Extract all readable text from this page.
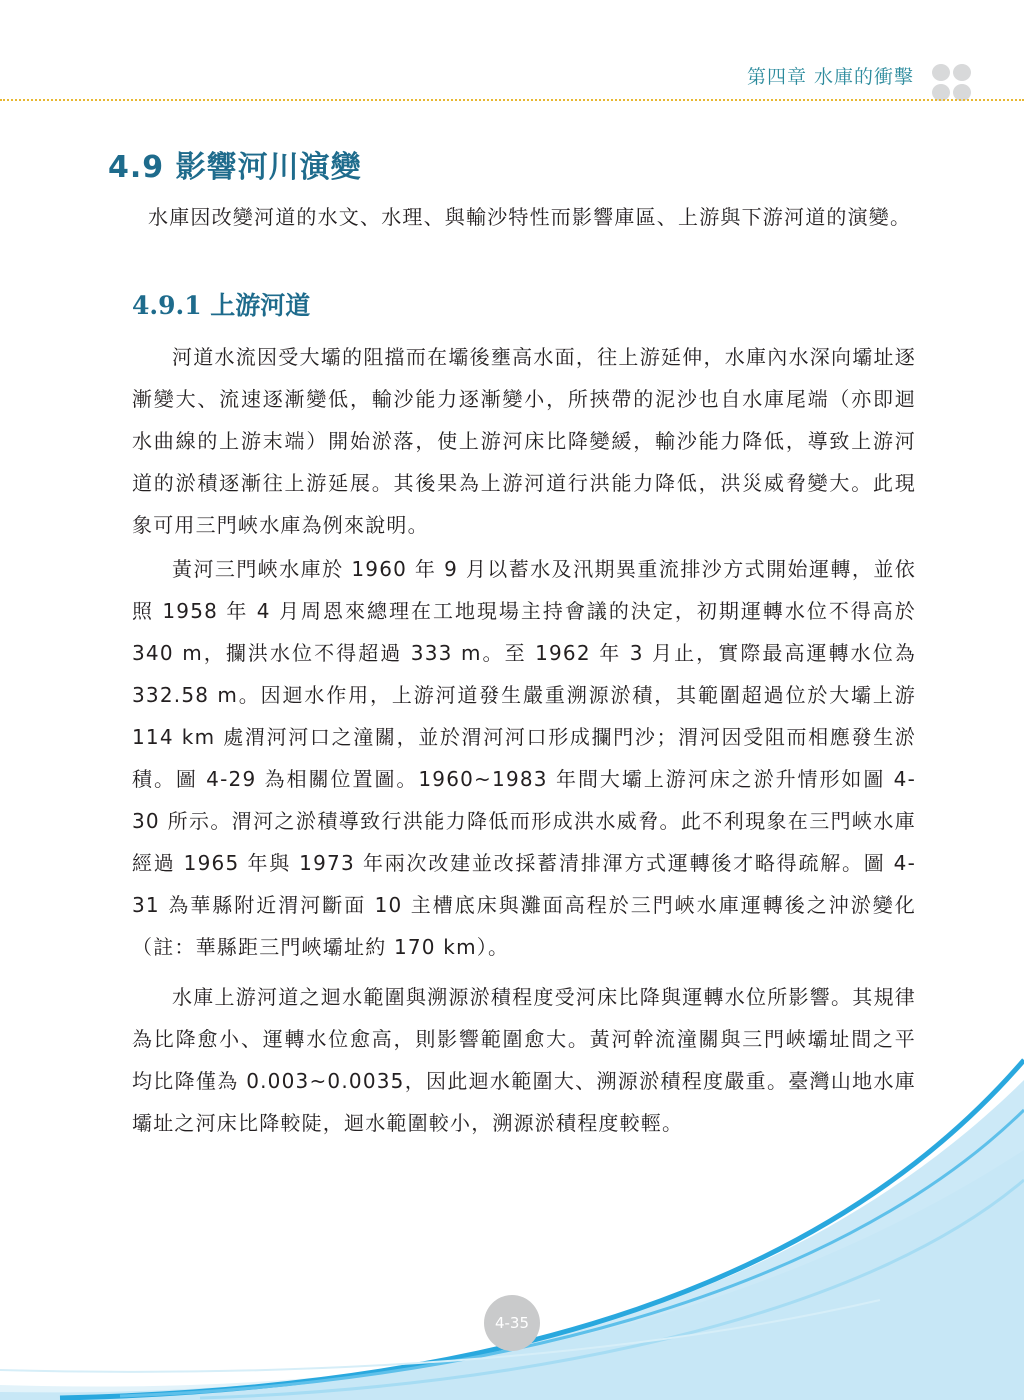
第四章 水庫的衝擊
4.9 影響河川演變

水庫因改變河道的水文、水理、與輸沙特性而影響庫區、上游與下游河道的演變。

4.9.1 上游河道

河道水流因受大壩的阻擋而在壩後壅高水面，往上游延伸，水庫內水深向壩址逐漸變大、流速逐漸變低，輸沙能力逐漸變小，所挾帶的泥沙也自水庫尾端（亦即迴水曲線的上游末端）開始淤落，使上游河床比降變緩，輸沙能力降低，導致上游河道的淤積逐漸往上游延展。其後果為上游河道行洪能力降低，洪災威脅變大。此現象可用三門峽水庫為例來說明。

黃河三門峽水庫於 1960 年 9 月以蓄水及汛期異重流排沙方式開始運轉，並依照 1958 年 4 月周恩來總理在工地現場主持會議的決定，初期運轉水位不得高於 340 m，攔洪水位不得超過 333 m。至 1962 年 3 月止，實際最高運轉水位為 332.58 m。因迴水作用，上游河道發生嚴重溯源淤積，其範圍超過位於大壩上游 114 km 處渭河河口之潼關，並於渭河河口形成攔門沙；渭河因受阻而相應發生淤積。圖 4-29 為相關位置圖。1960~1983 年間大壩上游河床之淤升情形如圖 4-30 所示。渭河之淤積導致行洪能力降低而形成洪水威脅。此不利現象在三門峽水庫經過 1965 年與 1973 年兩次改建並改採蓄清排渾方式運轉後才略得疏解。圖 4-31 為華縣附近渭河斷面 10 主槽底床與灘面高程於三門峽水庫運轉後之沖淤變化（註：華縣距三門峽壩址約 170 km）。

水庫上游河道之迴水範圍與溯源淤積程度受河床比降與運轉水位所影響。其規律為比降愈小、運轉水位愈高，則影響範圍愈大。黃河幹流潼關與三門峽壩址間之平均比降僅為 0.003~0.0035，因此迴水範圍大、溯源淤積程度嚴重。臺灣山地水庫壩址之河床比降較陡，迴水範圍較小，溯源淤積程度較輕。

4-35
